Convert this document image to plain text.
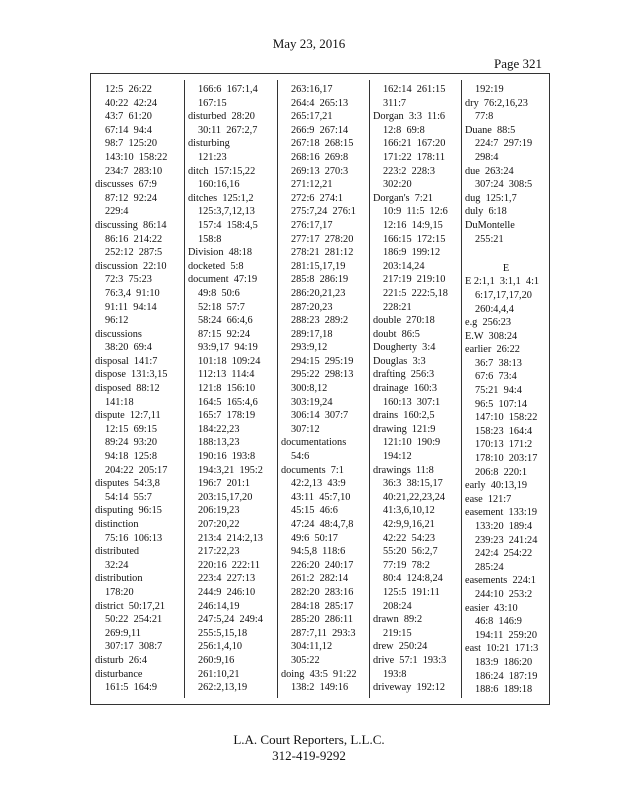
May 23, 2016
Page 321
12:5  26:22
40:22  42:24
43:7  61:20
67:14  94:4
98:7  125:20
143:10  158:22
234:7  283:10
discusses  67:9
87:12  92:24
229:4
discussing  86:14
86:16  214:22
252:12  287:5
discussion  22:10
72:3  75:23
76:3,4  91:10
91:11  94:14
96:12
discussions
38:20  69:4
disposal  141:7
dispose  131:3,15
disposed  88:12
141:18
dispute  12:7,11
12:15  69:15
89:24  93:20
94:18  125:8
204:22  205:17
disputes  54:3,8
54:14  55:7
disputing  96:15
distinction
75:16  106:13
distributed
32:24
distribution
178:20
district  50:17,21
50:22  254:21
269:9,11
307:17  308:7
disturb  26:4
disturbance
161:5  164:9
166:6  167:1,4
167:15
disturbed  28:20
30:11  267:2,7
disturbing
121:23
ditch  157:15,22
160:16,16
ditches  125:1,2
125:3,7,12,13
157:4  158:4,5
158:8
Division  48:18
docketed  5:8
document  47:19
49:8  50:6
52:18  57:7
58:24  66:4,6
87:15  92:24
93:9,17  94:19
101:18  109:24
112:13  114:4
121:8  156:10
164:5  165:4,6
165:7  178:19
184:22,23
188:13,23
190:16  193:8
194:3,21  195:2
196:7  201:1
203:15,17,20
206:19,23
207:20,22
213:4  214:2,13
217:22,23
220:16  222:11
223:4  227:13
244:9  246:10
246:14,19
247:5,24  249:4
255:5,15,18
256:1,4,10
260:9,16
261:10,21
262:2,13,19
263:16,17
264:4  265:13
265:17,21
266:9  267:14
267:18  268:15
268:16  269:8
269:13  270:3
271:12,21
272:6  274:1
275:7,24  276:1
276:17,17
277:17  278:20
278:21  281:12
281:15,17,19
285:8  286:19
286:20,21,23
287:20,23
288:23  289:2
289:17,18
293:9,12
294:15  295:19
295:22  298:13
300:8,12
303:19,24
306:14  307:7
307:12
documentations
54:6
documents  7:1
42:2,13  43:9
43:11  45:7,10
45:15  46:6
47:24  48:4,7,8
49:6  50:17
94:5,8  118:6
226:20  240:17
261:2  282:14
282:20  283:16
284:18  285:17
285:20  286:11
287:7,11  293:3
304:11,12
305:22
doing  43:5  91:22
138:2  149:16
162:14  261:15
311:7
Dorgan  3:3  11:6
12:8  69:8
166:21  167:20
171:22  178:11
223:2  228:3
302:20
Dorgan's  7:21
10:9  11:5  12:6
12:16  14:9,15
166:15  172:15
186:9  199:12
203:14,24
217:19  219:10
221:5  222:5,18
228:21
double  270:18
doubt  86:5
Dougherty  3:4
Douglas  3:3
drafting  256:3
drainage  160:3
160:13  307:1
drains  160:2,5
drawing  121:9
121:10  190:9
194:12
drawings  11:8
36:3  38:15,17
40:21,22,23,24
41:3,6,10,12
42:9,9,16,21
42:22  54:23
55:20  56:2,7
77:19  78:2
80:4  124:8,24
125:5  191:11
208:24
drawn  89:2
219:15
drew  250:24
drive  57:1  193:3
193:8
driveway  192:12
192:19
dry  76:2,16,23
77:8
Duane  88:5
224:7  297:19
298:4
due  263:24
307:24  308:5
dug  125:1,7
duly  6:18
DuMontelle
255:21
E
E 2:1,1  3:1,1  4:1
6:17,17,17,20
260:4,4,4
e.g  256:23
E.W  308:24
earlier  26:22
36:7  38:13
67:6  73:4
75:21  94:4
96:5  107:14
147:10  158:22
158:23  164:4
170:13  171:2
178:10  203:17
206:8  220:1
early  40:13,19
ease  121:7
easement  133:19
133:20  189:4
239:23  241:24
242:4  254:22
285:24
easements  224:1
244:10  253:2
easier  43:10
46:8  146:9
194:11  259:20
east  10:21  171:3
183:9  186:20
186:24  187:19
188:6  189:18
L.A. Court Reporters, L.L.C.
312-419-9292
